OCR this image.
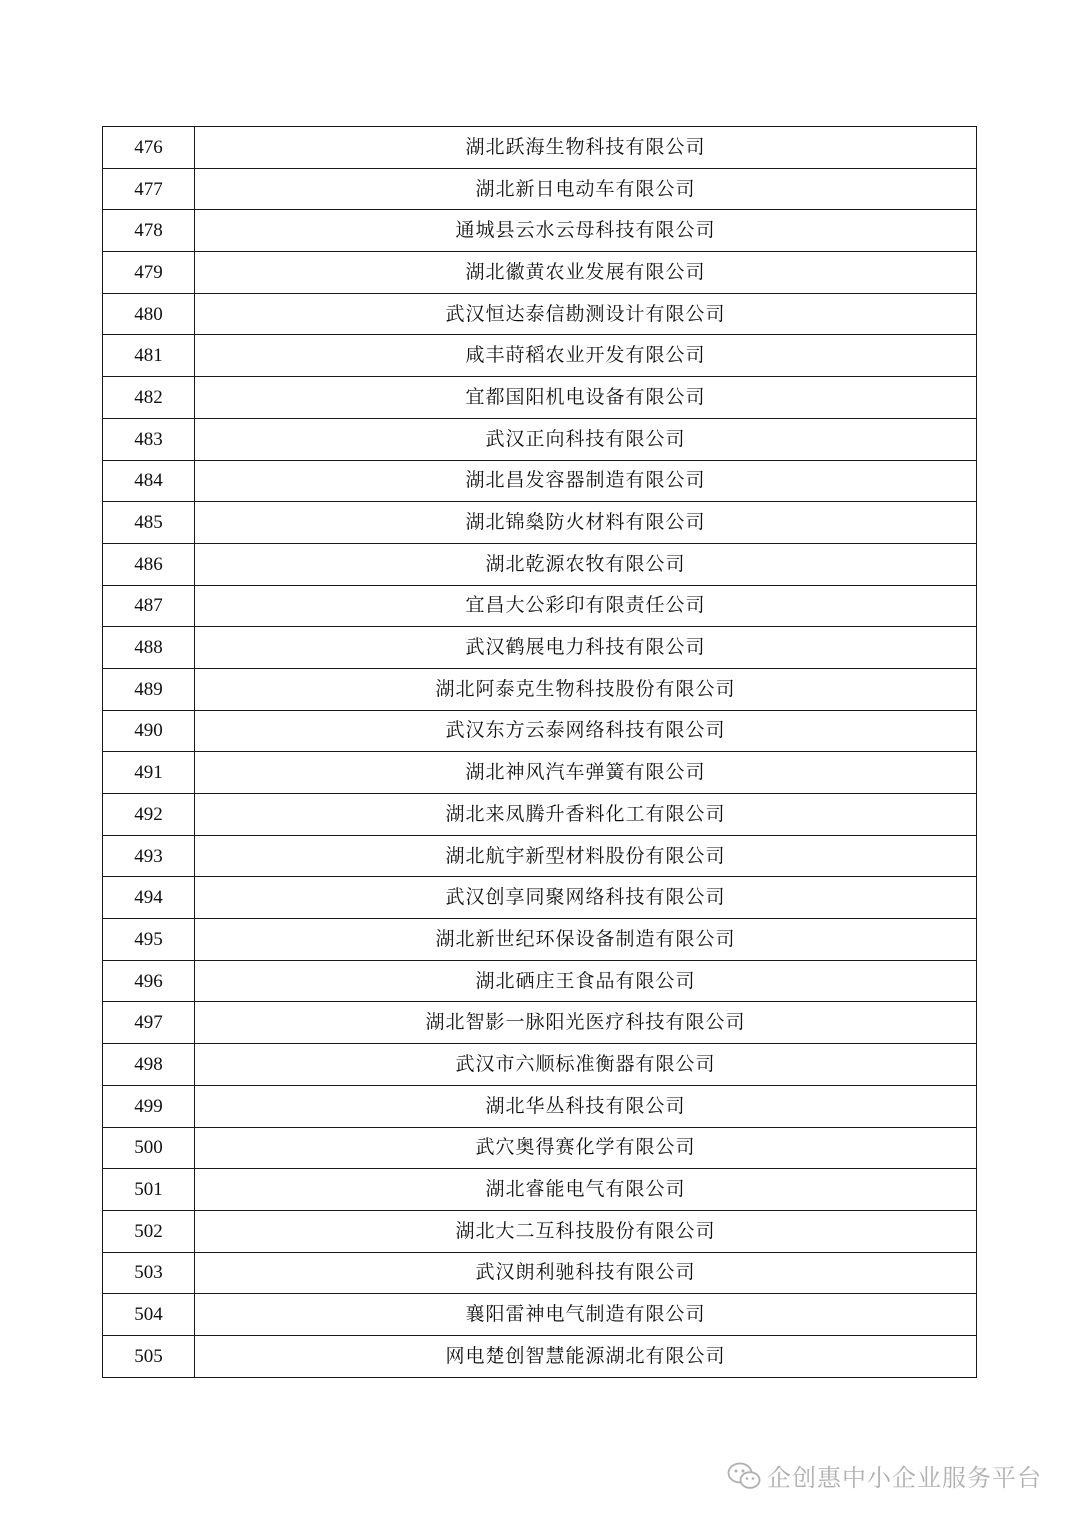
476	湖北跃海生物科技有限公司
477	湖北新日电动车有限公司
478	通城县云水云母科技有限公司
479	湖北徽黄农业发展有限公司
480	武汉恒达泰信勘测设计有限公司
481	咸丰莳稻农业开发有限公司
482	宜都国阳机电设备有限公司
483	武汉正向科技有限公司
484	湖北昌发容器制造有限公司
485	湖北锦燊防火材料有限公司
486	湖北乾源农牧有限公司
487	宜昌大公彩印有限责任公司
488	武汉鹤展电力科技有限公司
489	湖北阿泰克生物科技股份有限公司
490	武汉东方云泰网络科技有限公司
491	湖北神风汽车弹簧有限公司
492	湖北来凤腾升香料化工有限公司
493	湖北航宇新型材料股份有限公司
494	武汉创享同聚网络科技有限公司
495	湖北新世纪环保设备制造有限公司
496	湖北硒庄王食品有限公司
497	湖北智影一脉阳光医疗科技有限公司
498	武汉市六顺标准衡器有限公司
499	湖北华丛科技有限公司
500	武穴奥得赛化学有限公司
501	湖北睿能电气有限公司
502	湖北大二互科技股份有限公司
503	武汉朗利驰科技有限公司
504	襄阳雷神电气制造有限公司
505	网电楚创智慧能源湖北有限公司
企创惠中小企业服务平台
